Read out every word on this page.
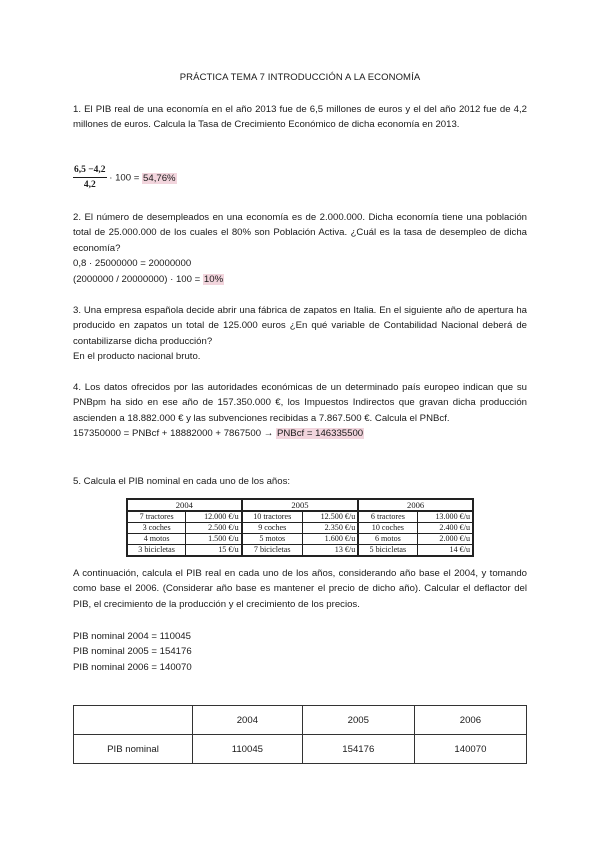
PRÁCTICA TEMA 7 INTRODUCCIÓN A LA ECONOMÍA
1. El PIB real de una economía en el año 2013 fue de 6,5 millones de euros y el del año 2012 fue de 4,2 millones de euros. Calcula la Tasa de Crecimiento Económico de dicha economía en 2013.
$\frac{6,5 -4,2}{4,2} \cdot 100 = 54,76\%$
2. El número de desempleados en una economía es de 2.000.000. Dicha economía tiene una población total de 25.000.000 de los cuales el 80% son Población Activa. ¿Cuál es la tasa de desempleo de dicha economía?
0,8 · 25000000 = 20000000
(2000000 / 20000000) · 100 = 10%
3. Una empresa española decide abrir una fábrica de zapatos en Italia. En el siguiente año de apertura ha producido en zapatos un total de 125.000 euros ¿En qué variable de Contabilidad Nacional deberá de contabilizarse dicha producción?
En el producto nacional bruto.
4. Los datos ofrecidos por las autoridades económicas de un determinado país europeo indican que su PNBpm ha sido en ese año de 157.350.000 €, los Impuestos Indirectos que gravan dicha producción ascienden a 18.882.000 € y las subvenciones recibidas a 7.867.500 €. Calcula el PNBcf.
157350000 = PNBcf + 18882000 + 7867500 → PNBcf = 146335500
5. Calcula el PIB nominal en cada uno de los años:
2004		2005		2006	
7 tractores	12.000 €/u	10 tractores	12.500 €/u	6 tractores	13.000 €/u
3 coches	2.500 €/u	9 coches	2.350 €/u	10 coches	2.400 €/u
4 motos	1.500 €/u	5 motos	1.600 €/u	6 motos	2.000 €/u
3 bicicletas	15 €/u	7 bicicletas	13 €/u	5 bicicletas	14 €/u
A continuación, calcula el PIB real en cada uno de los años, considerando año base el 2004, y tomando como base el 2006. (Considerar año base es mantener el precio de dicho año). Calcular el deflactor del PIB, el crecimiento de la producción y el crecimiento de los precios.
PIB nominal 2004 = 110045
PIB nominal 2005 = 154176
PIB nominal 2006 = 140070
	2004	2005	2006
PIB nominal	110045	154176	140070
